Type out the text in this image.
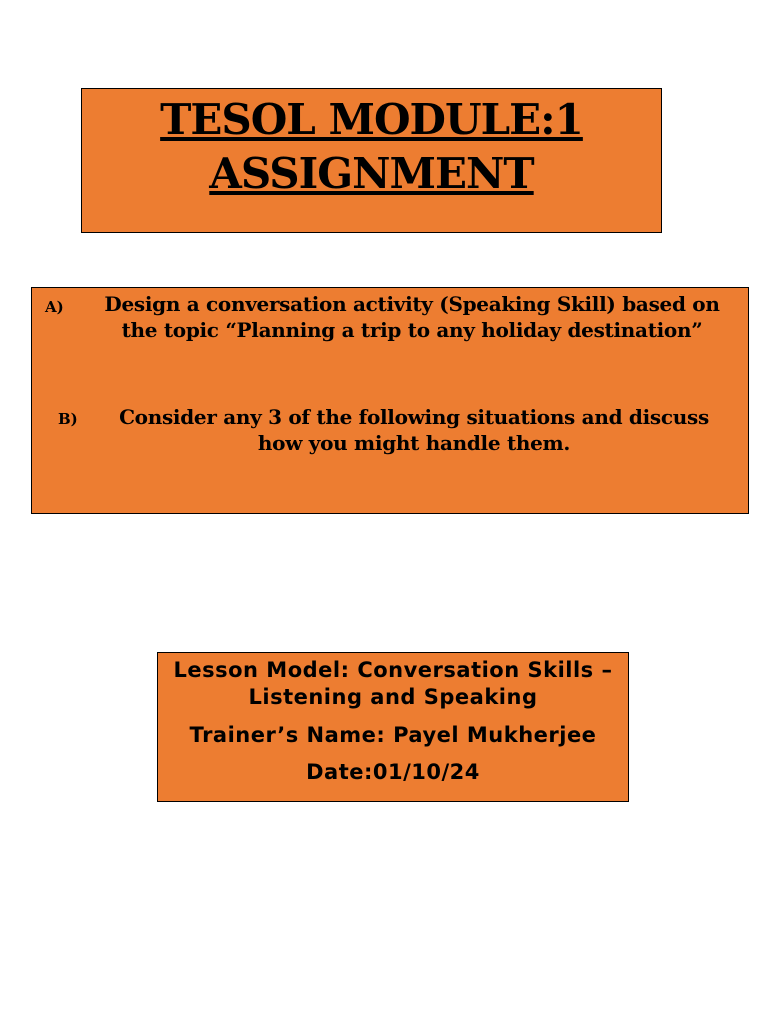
TESOL MODULE:1
ASSIGNMENT
A)	Design a conversation activity (Speaking Skill) based on the topic “Planning a trip to any holiday destination”
B)	Consider any 3 of the following situations and discuss how you might handle them.
Lesson Model: Conversation Skills – Listening and Speaking
Trainer’s Name: Payel Mukherjee
Date:01/10/24
